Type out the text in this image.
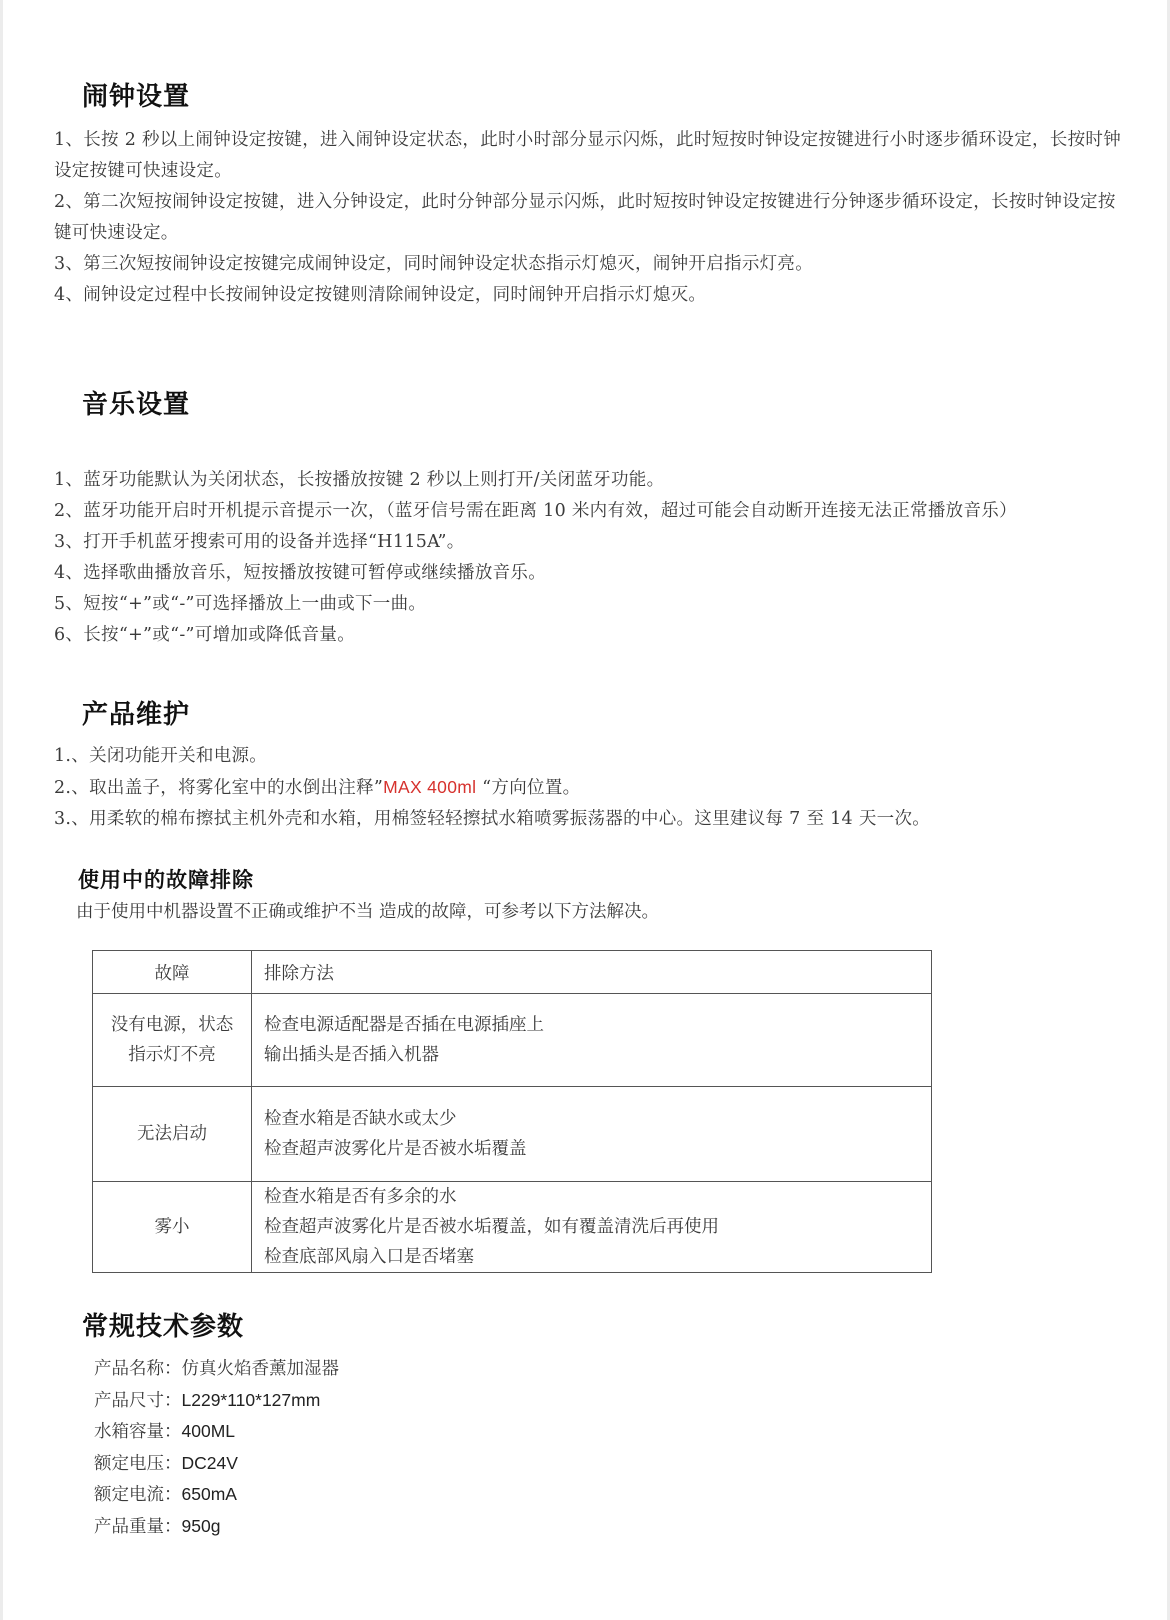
闹钟设置
1、长按 2 秒以上闹钟设定按键，进入闹钟设定状态，此时小时部分显示闪烁，此时短按时钟设定按键进行小时逐步循环设定，长按时钟设定按键可快速设定。
2、第二次短按闹钟设定按键，进入分钟设定，此时分钟部分显示闪烁，此时短按时钟设定按键进行分钟逐步循环设定，长按时钟设定按键可快速设定。
3、第三次短按闹钟设定按键完成闹钟设定，同时闹钟设定状态指示灯熄灭，闹钟开启指示灯亮。
4、闹钟设定过程中长按闹钟设定按键则清除闹钟设定，同时闹钟开启指示灯熄灭。
音乐设置
1、蓝牙功能默认为关闭状态，长按播放按键 2 秒以上则打开/关闭蓝牙功能。
2、蓝牙功能开启时开机提示音提示一次，（蓝牙信号需在距离 10 米内有效，超过可能会自动断开连接无法正常播放音乐）
3、打开手机蓝牙搜索可用的设备并选择“H115A”。
4、选择歌曲播放音乐，短按播放按键可暂停或继续播放音乐。
5、短按“+”或“-”可选择播放上一曲或下一曲。
6、长按“+”或“-”可增加或降低音量。
产品维护
1.、关闭功能开关和电源。
2.、取出盖子，将雾化室中的水倒出注释”MAX 400ml “方向位置。
3.、用柔软的棉布擦拭主机外壳和水箱，用棉签轻轻擦拭水箱喷雾振荡器的中心。这里建议每 7 至 14 天一次。
使用中的故障排除

由于使用中机器设置不正确或维护不当 造成的故障，可参考以下方法解决。

故障	排除方法

没有电源，状态
指示灯不亮	检查电源适配器是否插在电源插座上
输出插头是否插入机器

无法启动	检查水箱是否缺水或太少
检查超声波雾化片是否被水垢覆盖

雾小	检查水箱是否有多余的水
检查超声波雾化片是否被水垢覆盖，如有覆盖清洗后再使用
检查底部风扇入口是否堵塞
常规技术参数
产品名称：仿真火焰香薰加湿器
产品尺寸：L229*110*127mm
水箱容量：400ML
额定电压：DC24V
额定电流：650mA
产品重量：950g
